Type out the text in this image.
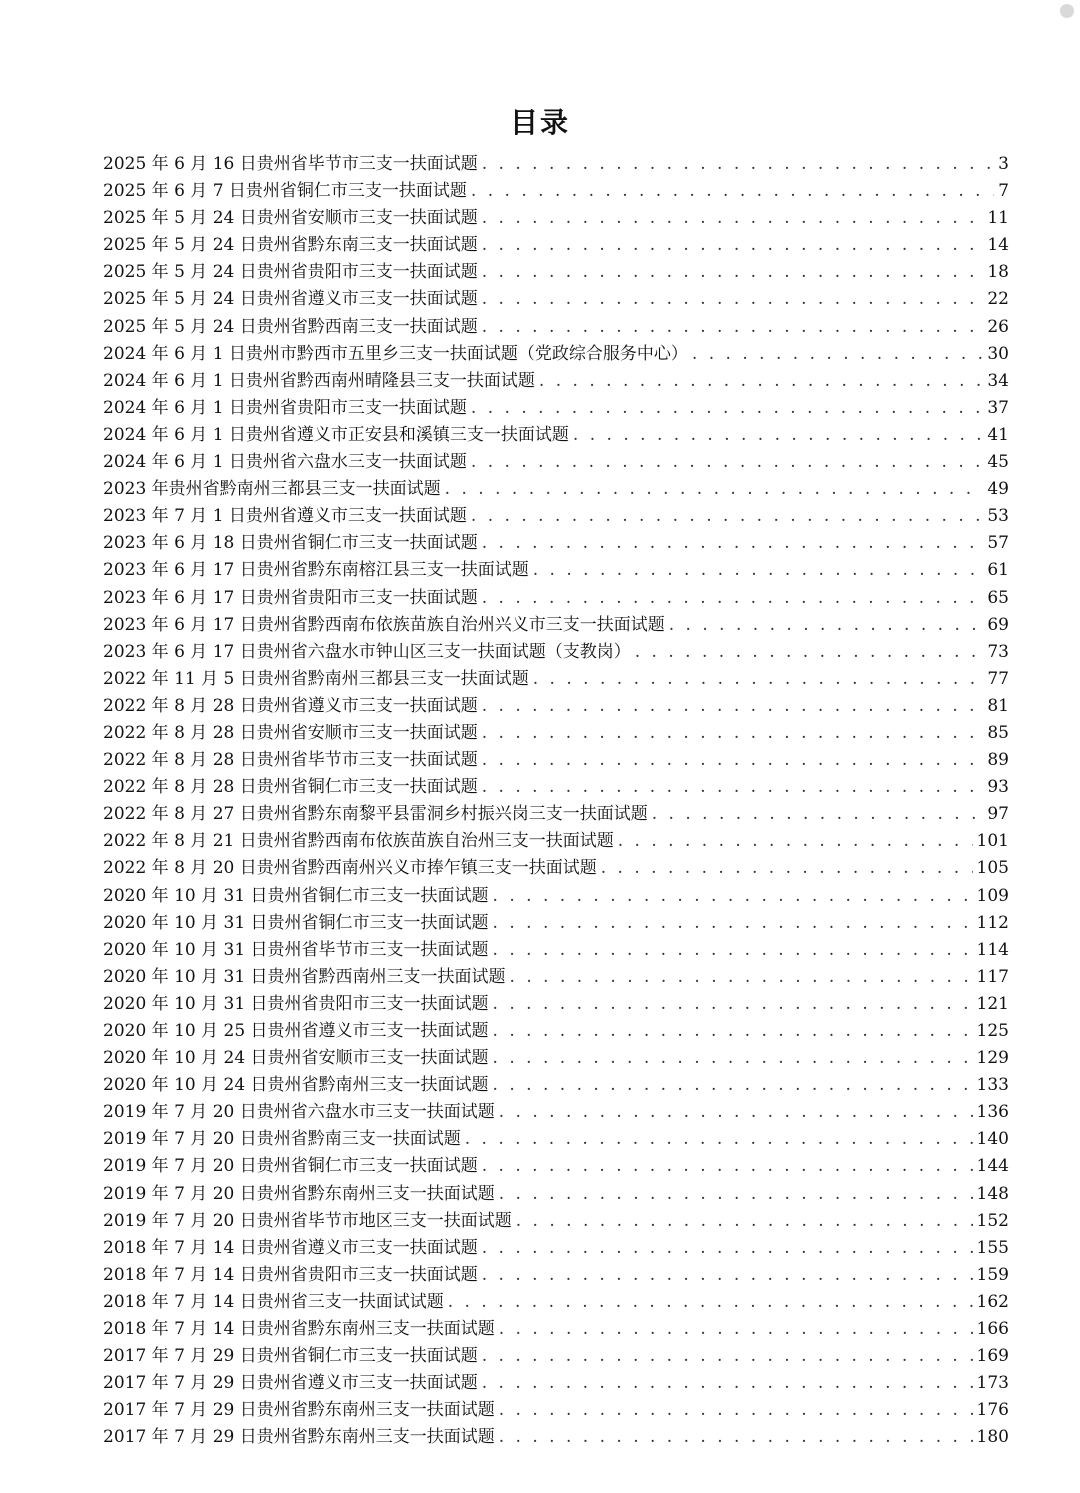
目录
2025 年 6 月 16 日贵州省毕节市三支一扶面试题 . . .	3
2025 年 6 月 7 日贵州省铜仁市三支一扶面试题 . . .	7
2025 年 5 月 24 日贵州省安顺市三支一扶面试题 . . .	11
2025 年 5 月 24 日贵州省黔东南三支一扶面试题 . . .	14
2025 年 5 月 24 日贵州省贵阳市三支一扶面试题 . . .	18
2025 年 5 月 24 日贵州省遵义市三支一扶面试题 . . .	22
2025 年 5 月 24 日贵州省黔西南三支一扶面试题 . . .	26
2024 年 6 月 1 日贵州市黔西市五里乡三支一扶面试题（党政综合服务中心） . . .	30
2024 年 6 月 1 日贵州省黔西南州晴隆县三支一扶面试题 . . .	34
2024 年 6 月 1 日贵州省贵阳市三支一扶面试题 . . .	37
2024 年 6 月 1 日贵州省遵义市正安县和溪镇三支一扶面试题 . . .	41
2024 年 6 月 1 日贵州省六盘水三支一扶面试题 . . .	45
2023 年贵州省黔南州三都县三支一扶面试题 . . .	49
2023 年 7 月 1 日贵州省遵义市三支一扶面试题 . . .	53
2023 年 6 月 18 日贵州省铜仁市三支一扶面试题 . . .	57
2023 年 6 月 17 日贵州省黔东南榕江县三支一扶面试题 . . .	61
2023 年 6 月 17 日贵州省贵阳市三支一扶面试题 . . .	65
2023 年 6 月 17 日贵州省黔西南布依族苗族自治州兴义市三支一扶面试题 . . .	69
2023 年 6 月 17 日贵州省六盘水市钟山区三支一扶面试题（支教岗） . . .	73
2022 年 11 月 5 日贵州省黔南州三都县三支一扶面试题 . . .	77
2022 年 8 月 28 日贵州省遵义市三支一扶面试题 . . .	81
2022 年 8 月 28 日贵州省安顺市三支一扶面试题 . . .	85
2022 年 8 月 28 日贵州省毕节市三支一扶面试题 . . .	89
2022 年 8 月 28 日贵州省铜仁市三支一扶面试题 . . .	93
2022 年 8 月 27 日贵州省黔东南黎平县雷洞乡村振兴岗三支一扶面试题 . . .	97
2022 年 8 月 21 日贵州省黔西南布依族苗族自治州三支一扶面试题 . . .	101
2022 年 8 月 20 日贵州省黔西南州兴义市捧乍镇三支一扶面试题 . . .	105
2020 年 10 月 31 日贵州省铜仁市三支一扶面试题 . . .	109
2020 年 10 月 31 日贵州省铜仁市三支一扶面试题 . . .	112
2020 年 10 月 31 日贵州省毕节市三支一扶面试题 . . .	114
2020 年 10 月 31 日贵州省黔西南州三支一扶面试题 . . .	117
2020 年 10 月 31 日贵州省贵阳市三支一扶面试题 . . .	121
2020 年 10 月 25 日贵州省遵义市三支一扶面试题 . . .	125
2020 年 10 月 24 日贵州省安顺市三支一扶面试题 . . .	129
2020 年 10 月 24 日贵州省黔南州三支一扶面试题 . . .	133
2019 年 7 月 20 日贵州省六盘水市三支一扶面试题 . . .	136
2019 年 7 月 20 日贵州省黔南三支一扶面试题 . . .	140
2019 年 7 月 20 日贵州省铜仁市三支一扶面试题 . . .	144
2019 年 7 月 20 日贵州省黔东南州三支一扶面试题 . . .	148
2019 年 7 月 20 日贵州省毕节市地区三支一扶面试题 . . .	152
2018 年 7 月 14 日贵州省遵义市三支一扶面试题 . . .	155
2018 年 7 月 14 日贵州省贵阳市三支一扶面试题 . . .	159
2018 年 7 月 14 日贵州省三支一扶面试试题 . . .	162
2018 年 7 月 14 日贵州省黔东南州三支一扶面试题 . . .	166
2017 年 7 月 29 日贵州省铜仁市三支一扶面试题 . . .	169
2017 年 7 月 29 日贵州省遵义市三支一扶面试题 . . .	173
2017 年 7 月 29 日贵州省黔东南州三支一扶面试题 . . .	176
2017 年 7 月 29 日贵州省黔东南州三支一扶面试题 . . .	180
